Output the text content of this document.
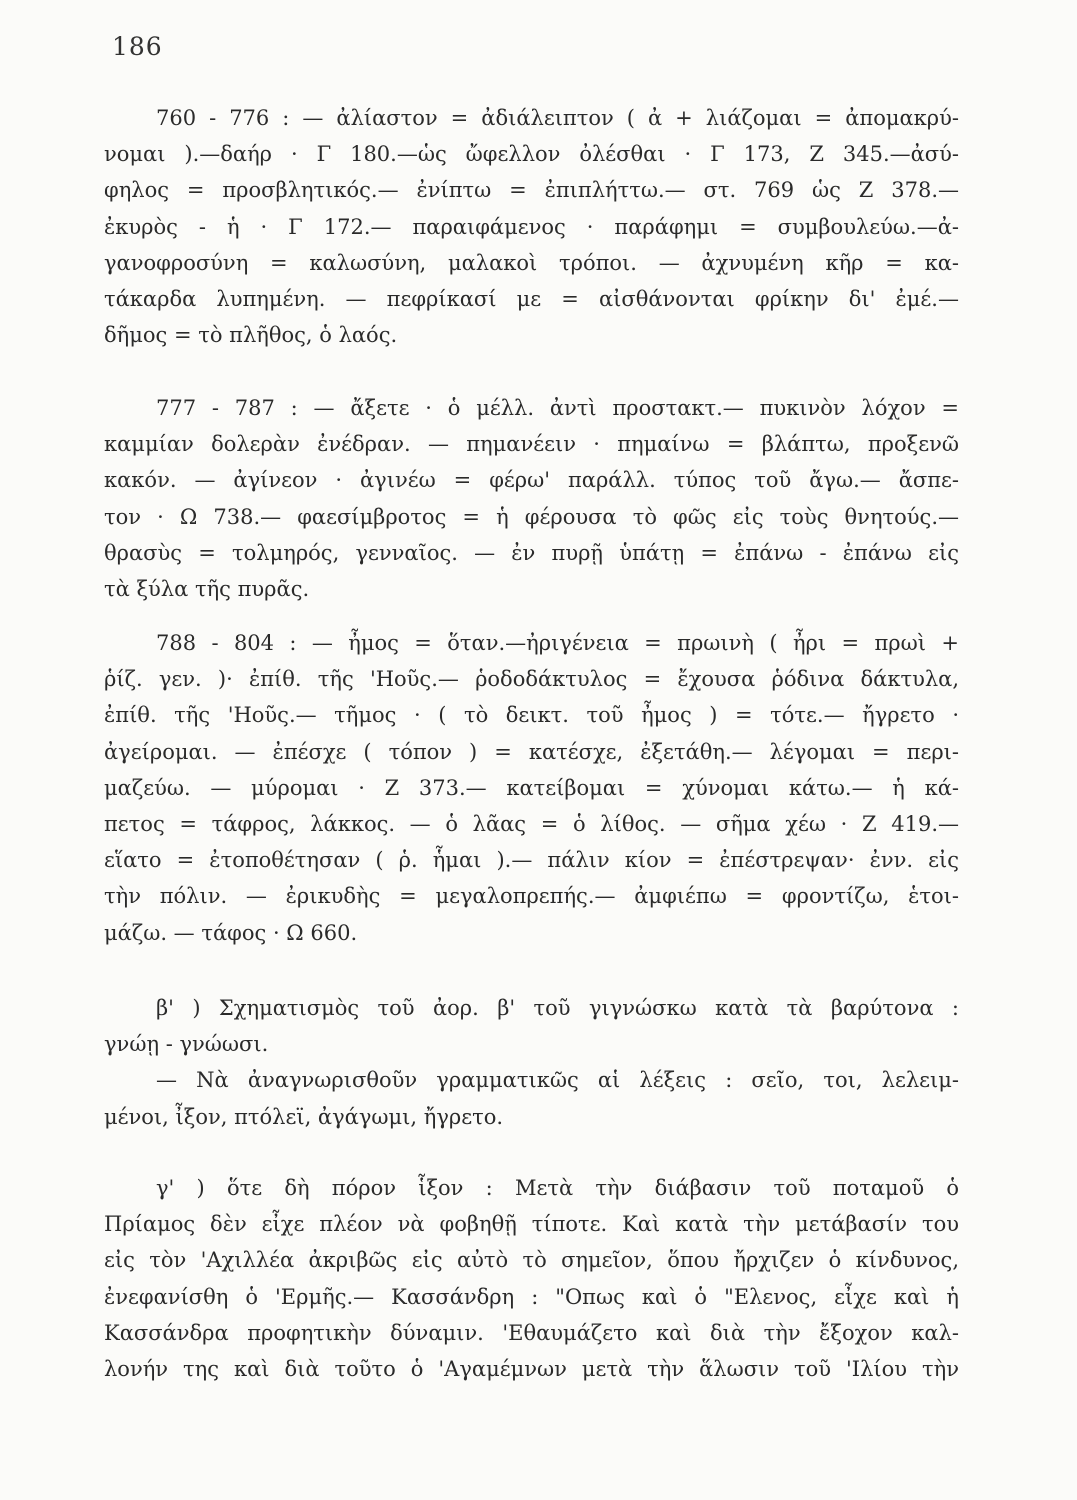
186
760 - 776 : — ἀλίαστον = ἀδιάλειπτον ( ἀ + λιάζομαι = ἀπομακρύ-
νομαι ).—δαήρ · Γ 180.—ὡς ὤφελλον ὀλέσθαι · Γ 173, Ζ 345.—ἀσύ-
φηλος = προσβλητικός.— ἐνίπτω = ἐπιπλήττω.— στ. 769 ὡς Ζ 378.—
ἐκυρὸς - ἡ · Γ 172.— παραιφάμενος · παράφημι = συμβουλεύω.—ἀ-
γανοφροσύνη = καλωσύνη, μαλακοὶ τρόποι. — ἀχνυμένη κῆρ = κα-
τάκαρδα λυπημένη. — πεφρίκασί με = αἰσθάνονται φρίκην δι' ἐμέ.—
δῆμος = τὸ πλῆθος, ὁ λαός.
777 - 787 : — ἄξετε · ὁ μέλλ. ἀντὶ προστακτ.— πυκινὸν λόχον =
καμμίαν δολερὰν ἐνέδραν. — πημανέειν · πημαίνω = βλάπτω, προξενῶ
κακόν. — ἀγίνεον · ἀγινέω = φέρω' παράλλ. τύπος τοῦ ἄγω.— ἄσπε-
τον · Ω 738.— φαεσίμβροτος = ἡ φέρουσα τὸ φῶς εἰς τοὺς θνητούς.—
θρασὺς = τολμηρός, γενναῖος. — ἐν πυρῇ ὑπάτῃ = ἐπάνω - ἐπάνω εἰς
τὰ ξύλα τῆς πυρᾶς.
788 - 804 : — ἦμος = ὅταν.—ἠριγένεια = πρωινὴ ( ἦρι = πρωὶ +
ῥίζ. γεν. )· ἐπίθ. τῆς 'Ηοῦς.— ῥοδοδάκτυλος = ἔχουσα ῥόδινα δάκτυλα,
ἐπίθ. τῆς 'Ηοῦς.— τῆμος · ( τὸ δεικτ. τοῦ ἦμος ) = τότε.— ἤγρετο ·
ἀγείρομαι. — ἐπέσχε ( τόπον ) = κατέσχε, ἐξετάθη.— λέγομαι = περι-
μαζεύω. — μύρομαι · Ζ 373.— κατείβομαι = χύνομαι κάτω.— ἡ κά-
πετος = τάφρος, λάκκος. — ὁ λᾶας = ὁ λίθος. — σῆμα χέω · Ζ 419.—
εἵατο = ἐτοποθέτησαν ( ῥ. ἧμαι ).— πάλιν κίον = ἐπέστρεψαν· ἐνν. εἰς
τὴν πόλιν. — ἐρικυδὴς = μεγαλοπρεπής.— ἀμφιέπω = φροντίζω, ἑτοι-
μάζω. — τάφος · Ω 660.
β' ) Σχηματισμὸς τοῦ ἀορ. β' τοῦ γιγνώσκω κατὰ τὰ βαρύτονα :
γνώῃ - γνώωσι.
— Νὰ ἀναγνωρισθοῦν γραμματικῶς αἱ λέξεις : σεῖο, τοι, λελειμ-
μένοι, ἶξον, πτόλεϊ, ἀγάγωμι, ἤγρετο.
γ' ) ὅτε δὴ πόρον ἷξον : Μετὰ τὴν διάβασιν τοῦ ποταμοῦ ὁ
Πρίαμος δὲν εἶχε πλέον νὰ φοβηθῇ τίποτε. Καὶ κατὰ τὴν μετάβασίν του
εἰς τὸν 'Αχιλλέα ἀκριβῶς εἰς αὐτὸ τὸ σημεῖον, ὅπου ἤρχιζεν ὁ κίνδυνος,
ἐνεφανίσθη ὁ 'Ερμῆς.— Κασσάνδρη : "Οπως καὶ ὁ "Ελενος, εἶχε καὶ ἡ
Κασσάνδρα προφητικὴν δύναμιν. 'Εθαυμάζετο καὶ διὰ τὴν ἔξοχον καλ-
λονήν της καὶ διὰ τοῦτο ὁ 'Αγαμέμνων μετὰ τὴν ἅλωσιν τοῦ 'Ιλίου τὴν
